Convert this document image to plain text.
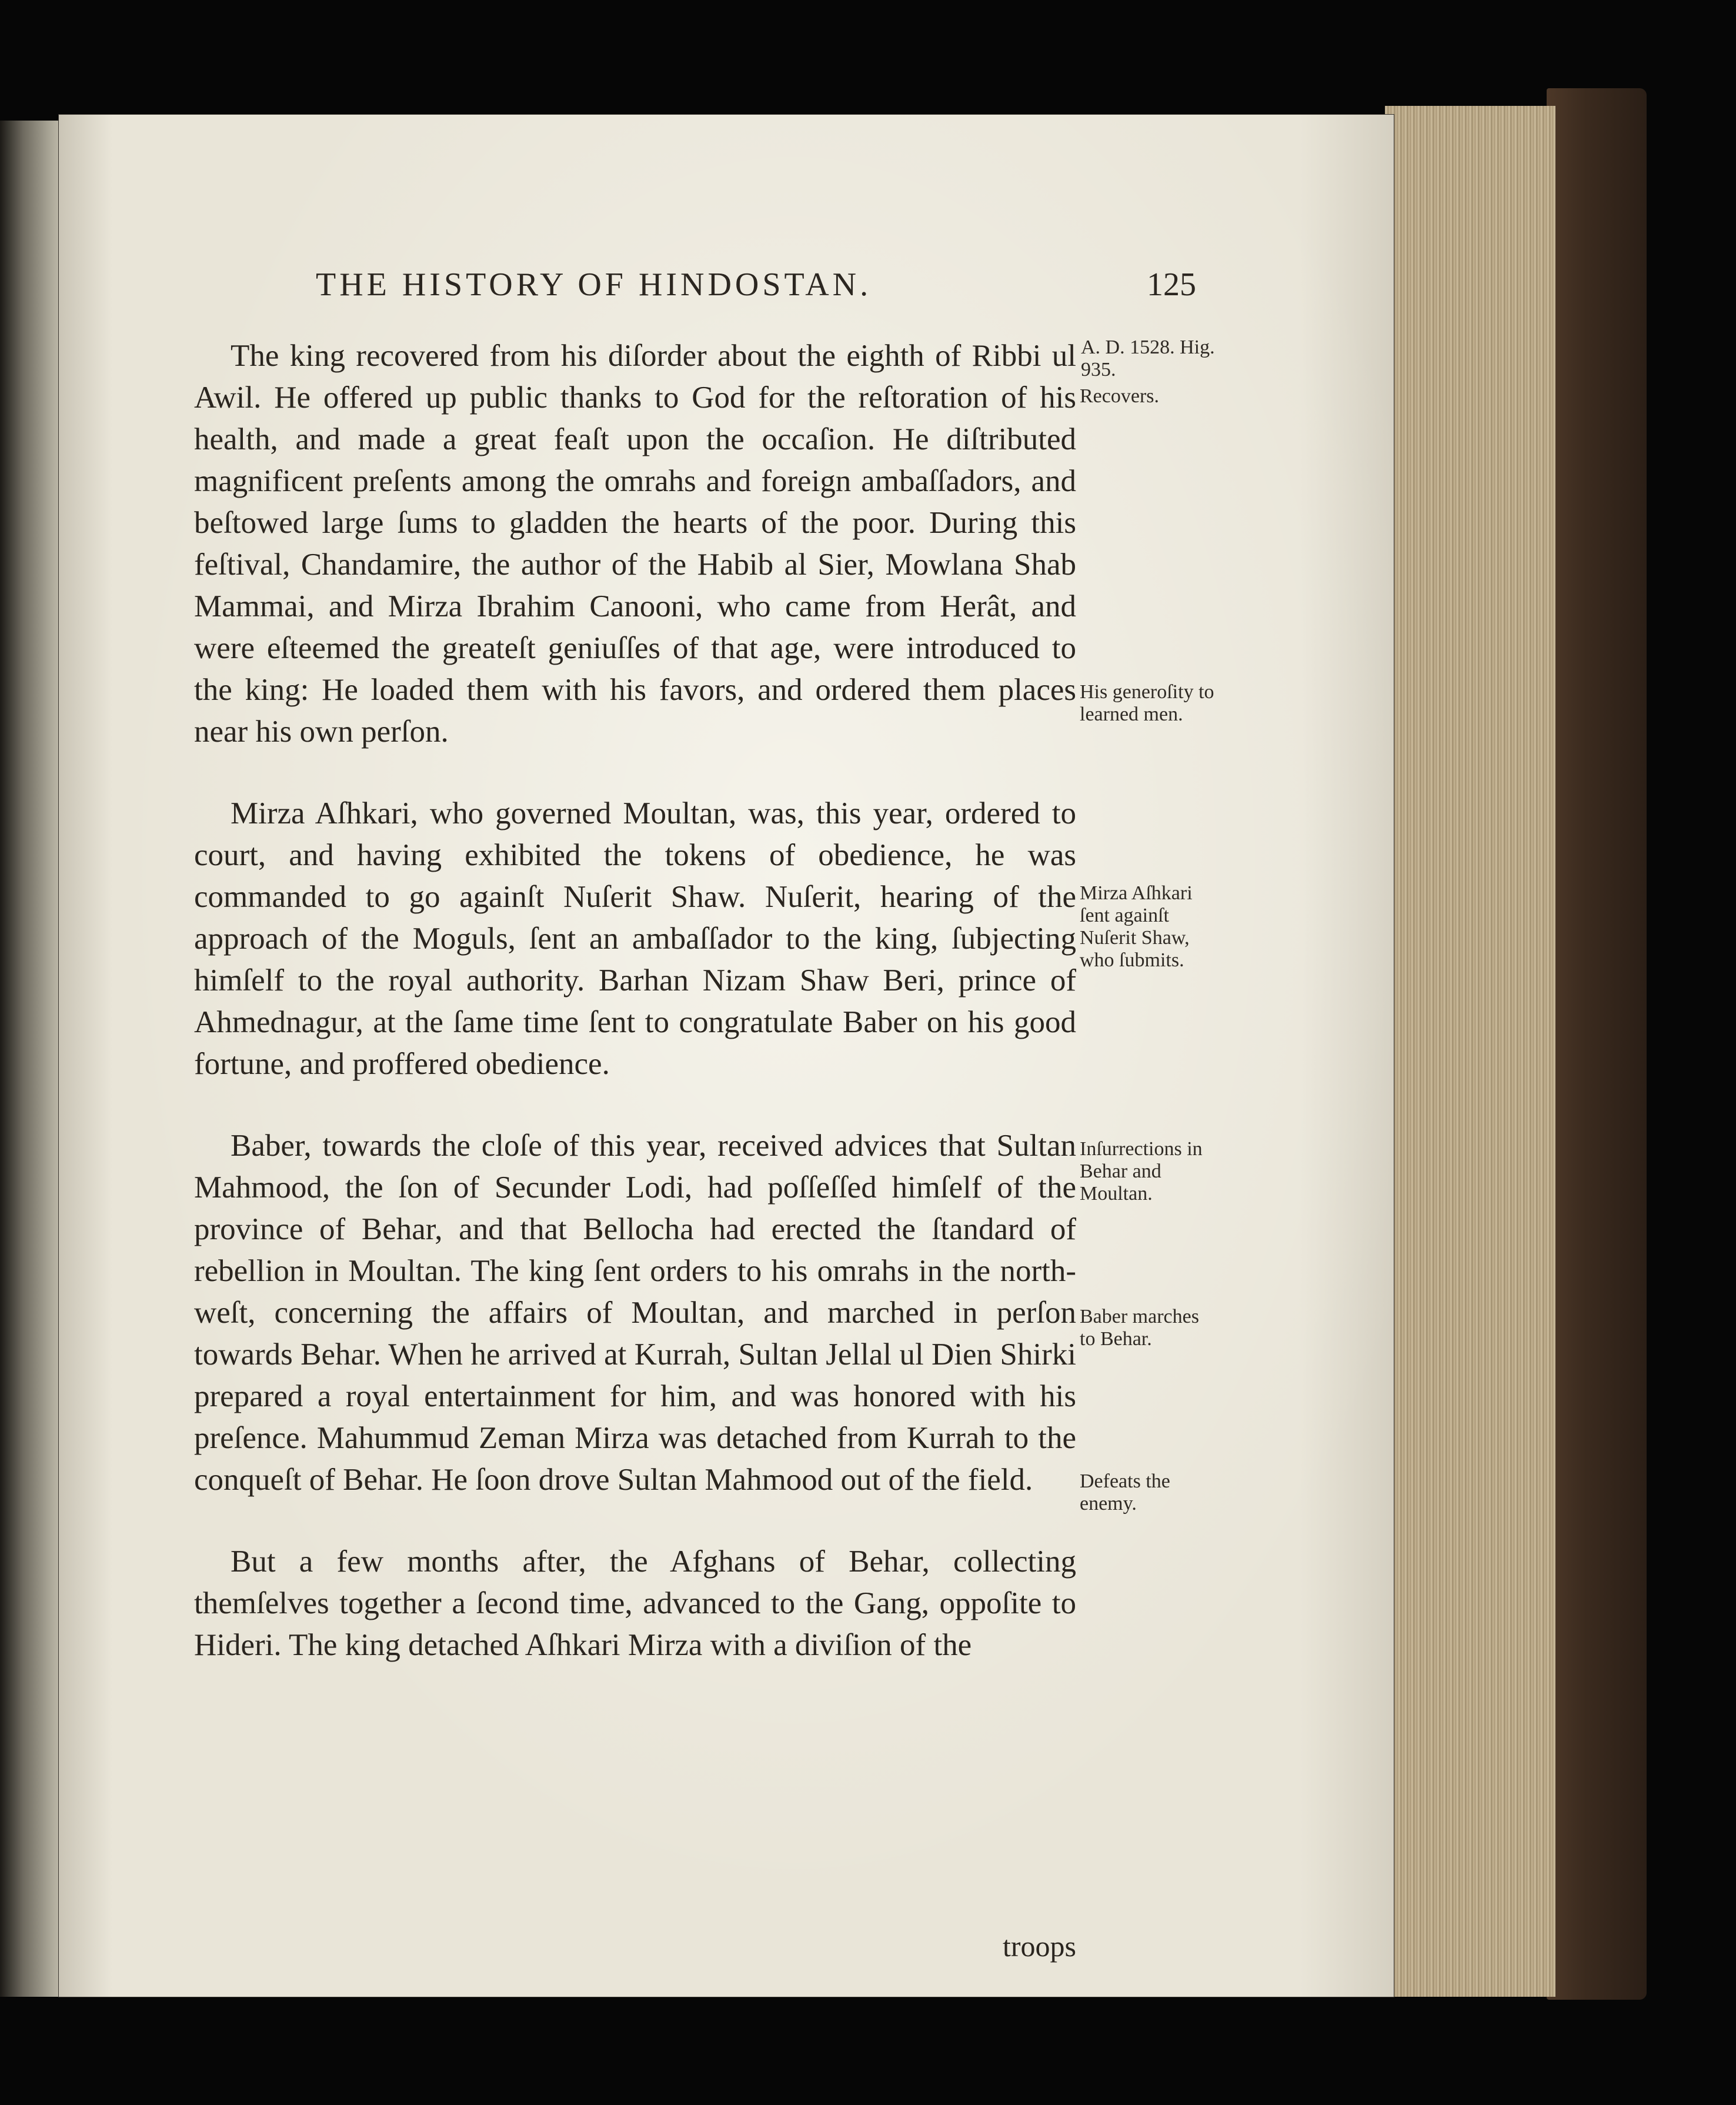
THE HISTORY OF HINDOSTAN.	125

The king recovered from his diſorder about the eighth of Ribbi ul Awil. He offered up public thanks to God for the reſtoration of his health, and made a great feaſt upon the occaſion. He diſtributed magnificent preſents among the omrahs and foreign ambaſſadors, and beſtowed large ſums to gladden the hearts of the poor. During this feſtival, Chandamire, the author of the Habib al Sier, Mowlana Shab Mammai, and Mirza Ibrahim Canooni, who came from Herât, and were eſteemed the greateſt geniuſſes of that age, were introduced to the king: He loaded them with his favors, and ordered them places near his own perſon.

Mirza Aſhkari, who governed Moultan, was, this year, ordered to court, and having exhibited the tokens of obedience, he was commanded to go againſt Nuſerit Shaw. Nuſerit, hearing of the approach of the Moguls, ſent an ambaſſador to the king, ſubjecting himſelf to the royal authority. Barhan Nizam Shaw Beri, prince of Ahmednagur, at the ſame time ſent to congratulate Baber on his good fortune, and proffered obedience.

Baber, towards the cloſe of this year, received advices that Sultan Mahmood, the ſon of Secunder Lodi, had poſſeſſed himſelf of the province of Behar, and that Bellocha had erected the ſtandard of rebellion in Moultan. The king ſent orders to his omrahs in the north-weſt, concerning the affairs of Moultan, and marched in perſon towards Behar. When he arrived at Kurrah, Sultan Jellal ul Dien Shirki prepared a royal entertainment for him, and was honored with his preſence. Mahummud Zeman Mirza was detached from Kurrah to the conqueſt of Behar. He ſoon drove Sultan Mahmood out of the field.

But a few months after, the Afghans of Behar, collecting themſelves together a ſecond time, advanced to the Gang, oppoſite to Hideri. The king detached Aſhkari Mirza with a diviſion of the

troops
A. D. 1528. Hig. 935.
Recovers.
His generoſity to learned men.
Mirza Aſhkari ſent againſt Nuſerit Shaw, who ſubmits.
Inſurrections in Behar and Moultan.
Baber marches to Behar.
Defeats the enemy.
